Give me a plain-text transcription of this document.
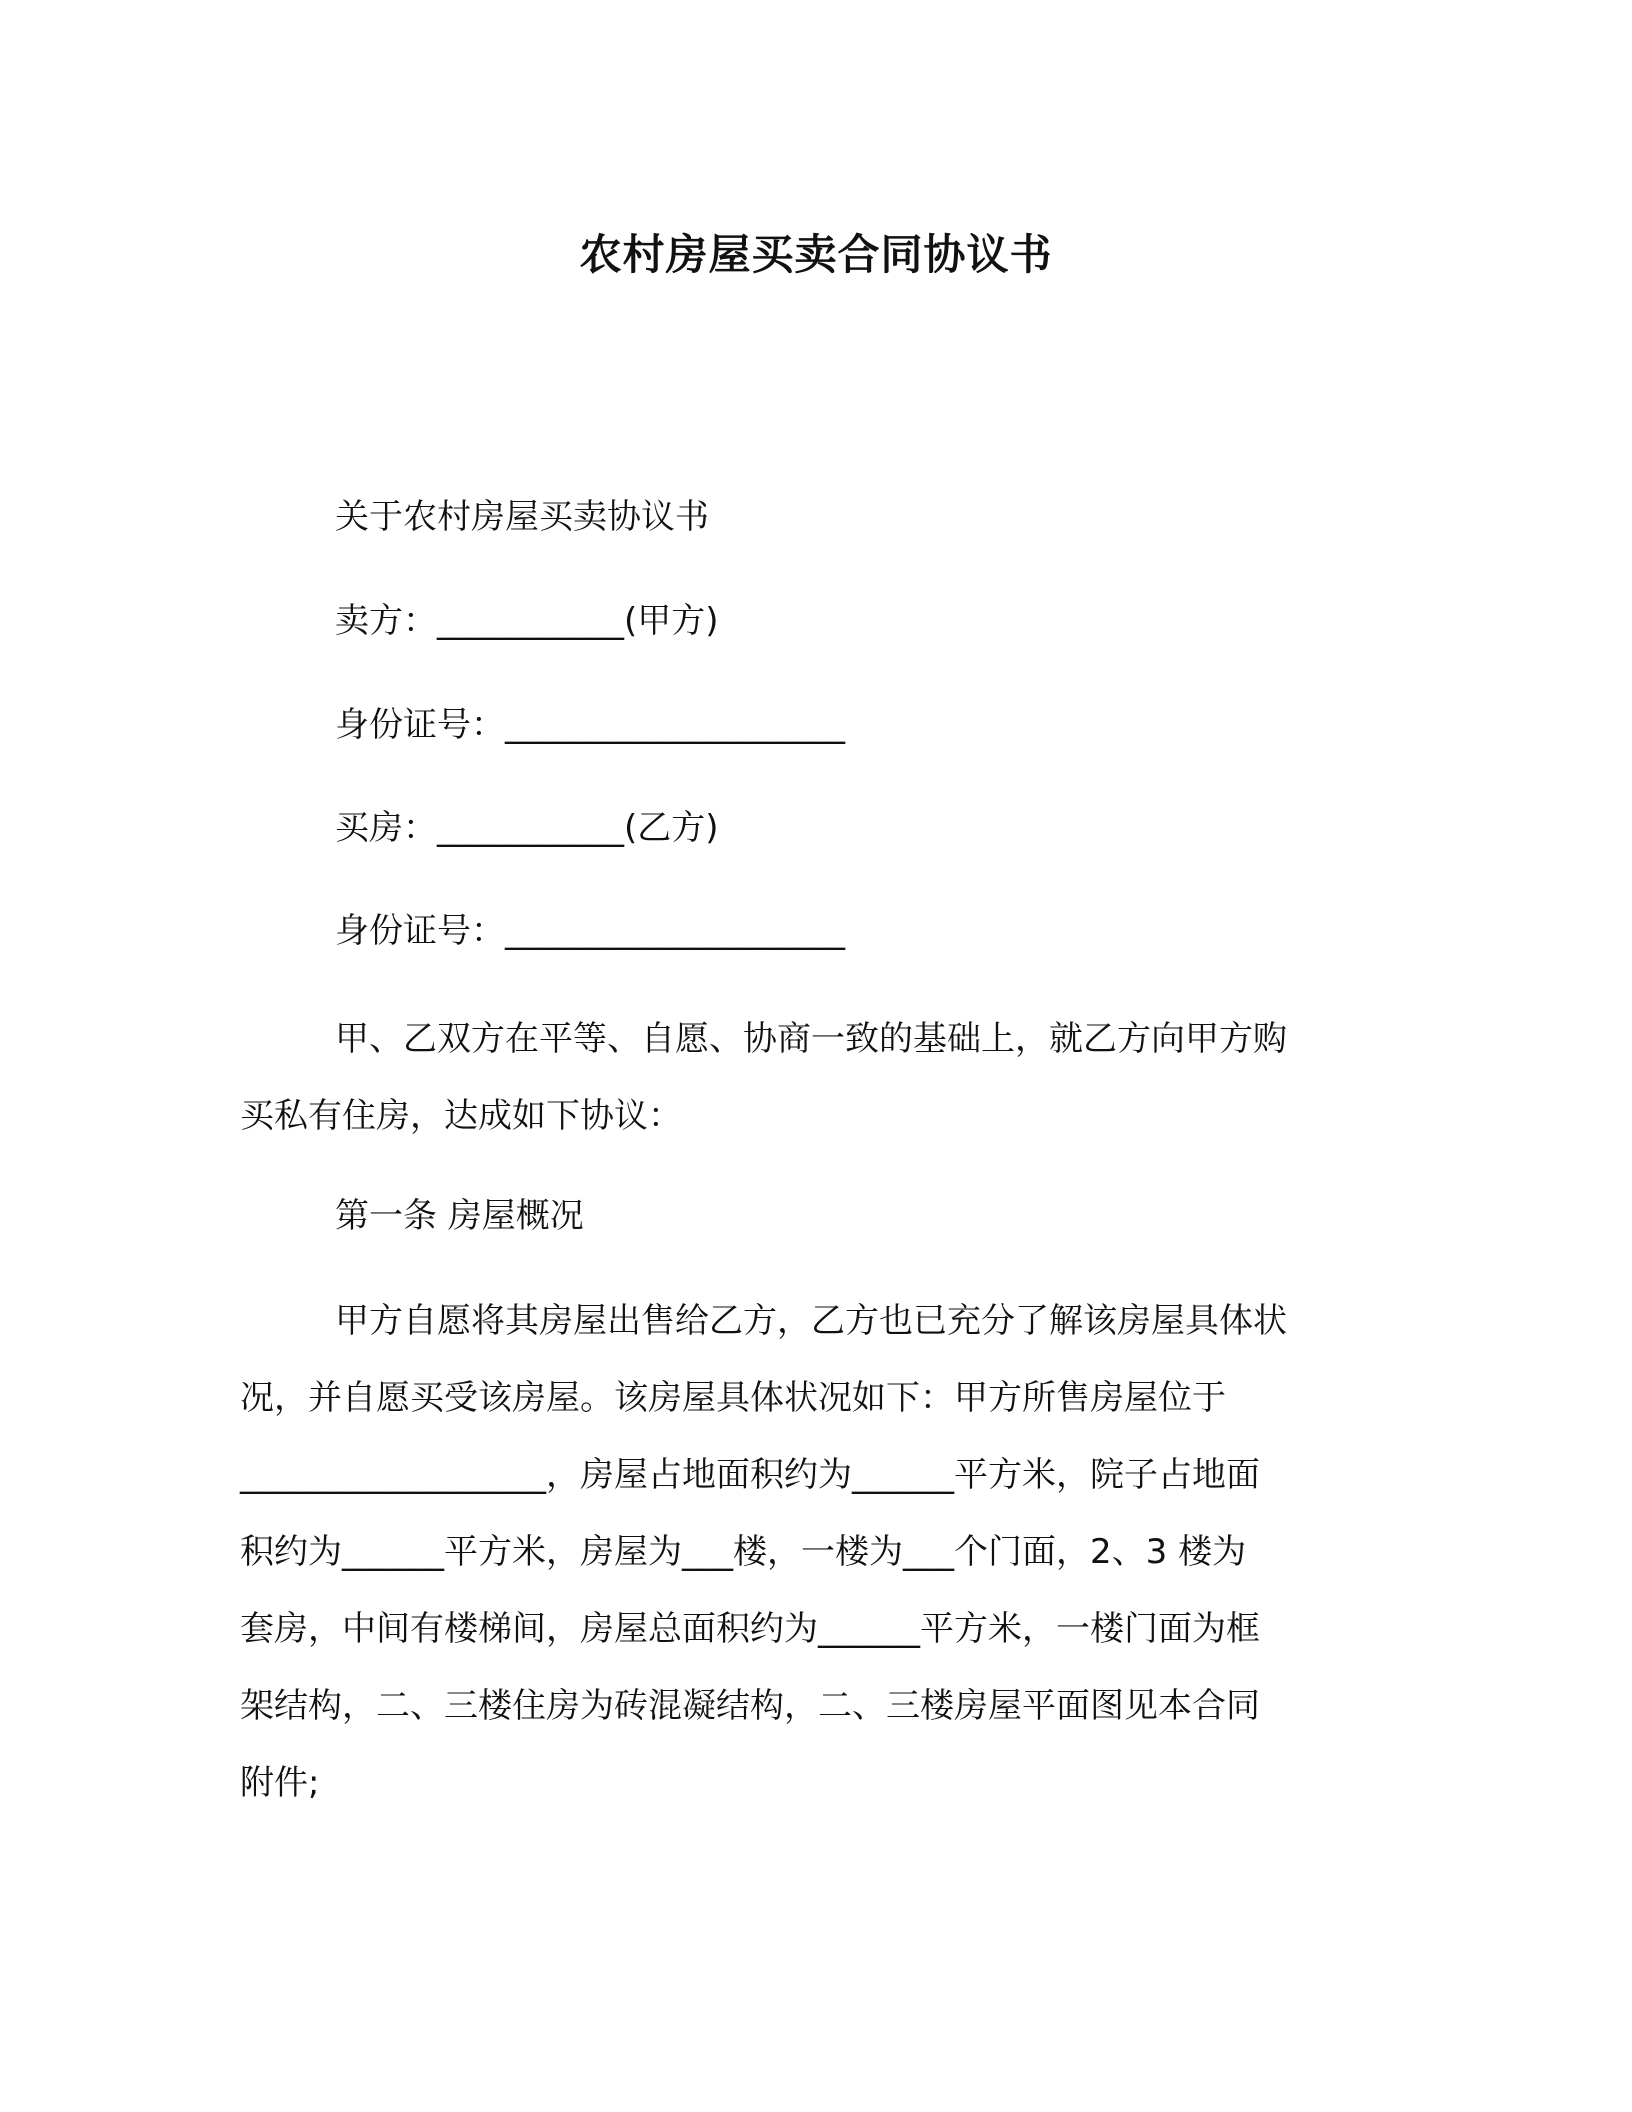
农村房屋买卖合同协议书
关于农村房屋买卖协议书
卖方：___________(甲方)
身份证号：____________________
买房：___________(乙方)
身份证号：____________________
甲、乙双方在平等、自愿、协商一致的基础上，就乙方向甲方购
买私有住房，达成如下协议：
第一条 房屋概况
甲方自愿将其房屋出售给乙方，乙方也已充分了解该房屋具体状
况，并自愿买受该房屋。该房屋具体状况如下：甲方所售房屋位于
__________________，房屋占地面积约为______平方米，院子占地面
积约为______平方米，房屋为___楼，一楼为___个门面，2、3 楼为
套房，中间有楼梯间，房屋总面积约为______平方米，一楼门面为框
架结构，二、三楼住房为砖混凝结构，二、三楼房屋平面图见本合同
附件;
